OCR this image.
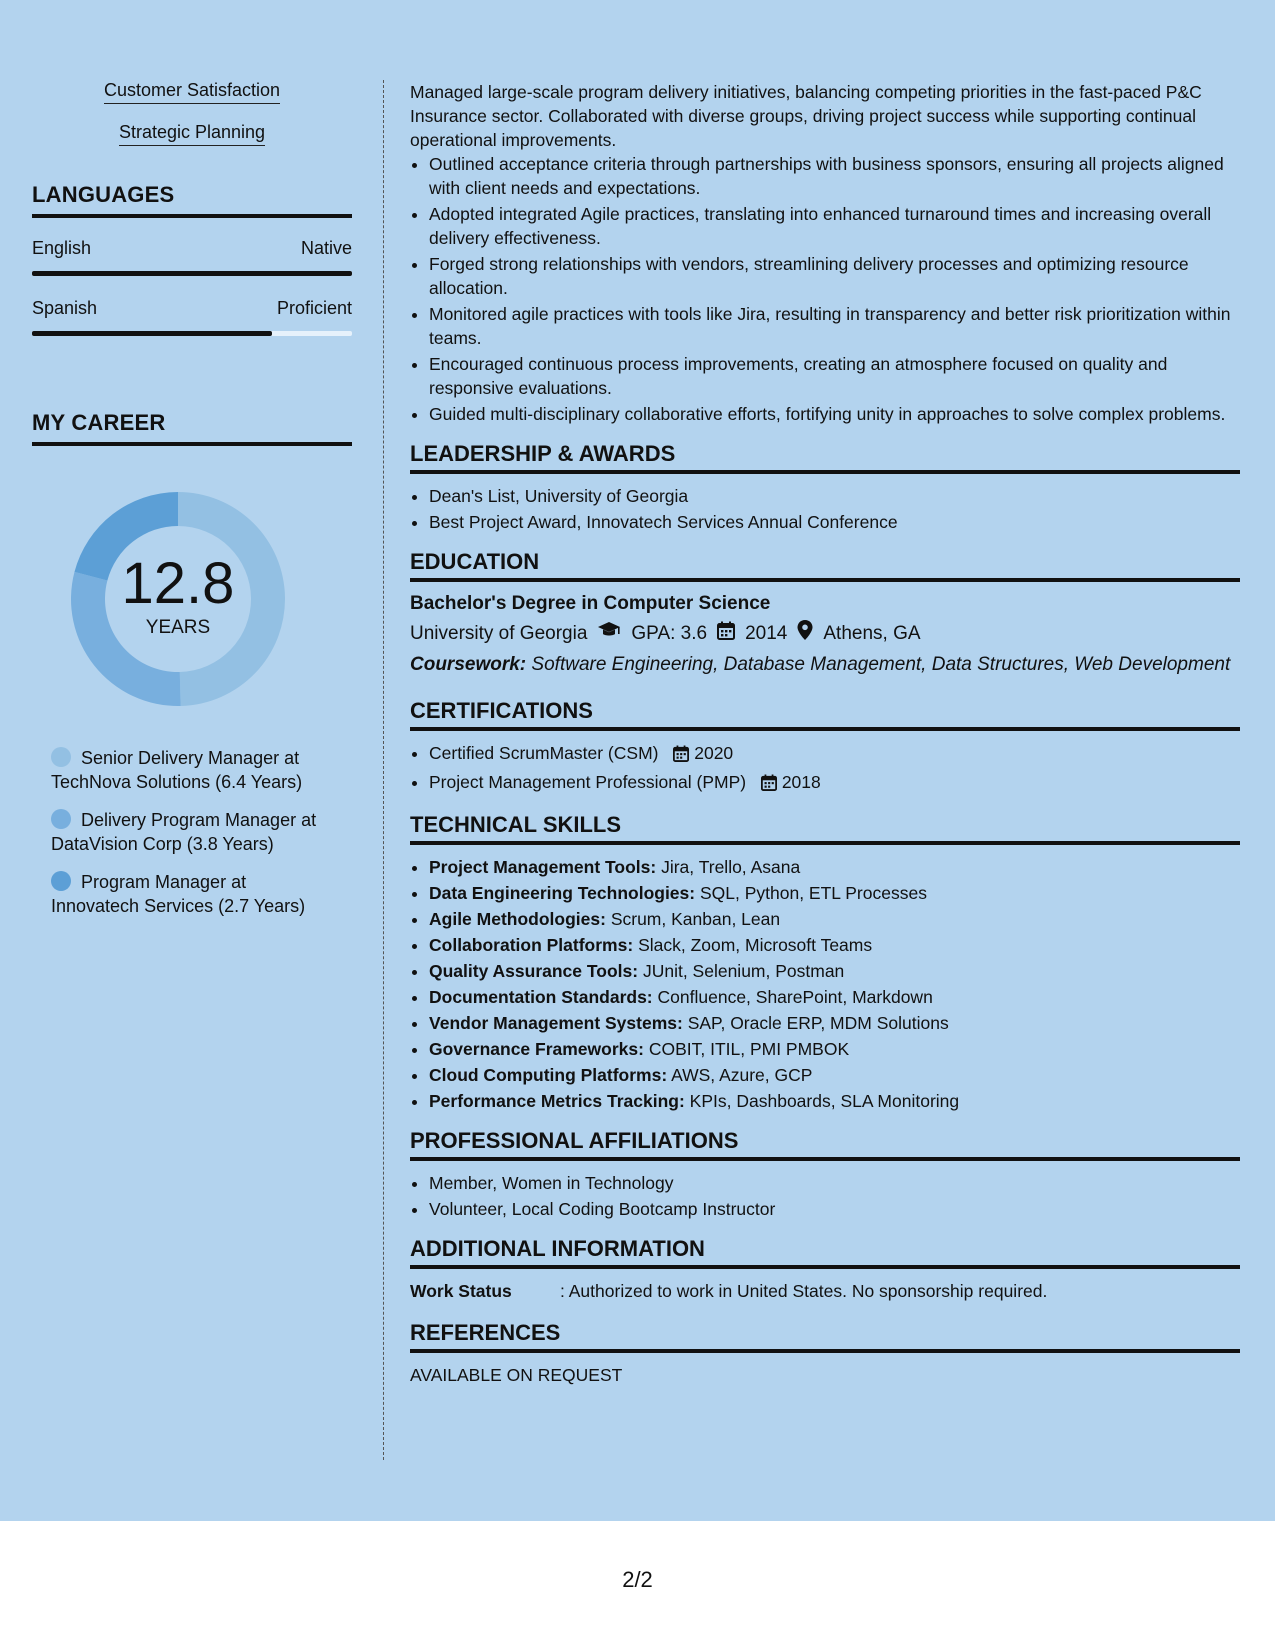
Customer Satisfaction
Strategic Planning
LANGUAGES
English	Native
Spanish	Proficient
MY CAREER
12.8
YEARS
Senior Delivery Manager at TechNova Solutions (6.4 Years)
Delivery Program Manager at DataVision Corp (3.8 Years)
Program Manager at Innovatech Services (2.7 Years)

Managed large-scale program delivery initiatives, balancing competing priorities in the fast-paced P&C Insurance sector. Collaborated with diverse groups, driving project success while supporting continual operational improvements.

• Outlined acceptance criteria through partnerships with business sponsors, ensuring all projects aligned with client needs and expectations.
• Adopted integrated Agile practices, translating into enhanced turnaround times and increasing overall delivery effectiveness.
• Forged strong relationships with vendors, streamlining delivery processes and optimizing resource allocation.
• Monitored agile practices with tools like Jira, resulting in transparency and better risk prioritization within teams.
• Encouraged continuous process improvements, creating an atmosphere focused on quality and responsive evaluations.
• Guided multi-disciplinary collaborative efforts, fortifying unity in approaches to solve complex problems.
LEADERSHIP & AWARDS
• Dean's List, University of Georgia
• Best Project Award, Innovatech Services Annual Conference
EDUCATION
Bachelor's Degree in Computer Science
University of Georgia GPA: 3.6 2014 Athens, GA
Coursework: Software Engineering, Database Management, Data Structures, Web Development
CERTIFICATIONS
• Certified ScrumMaster (CSM) 2020
• Project Management Professional (PMP) 2018
TECHNICAL SKILLS
• Project Management Tools: Jira, Trello, Asana
• Data Engineering Technologies: SQL, Python, ETL Processes
• Agile Methodologies: Scrum, Kanban, Lean
• Collaboration Platforms: Slack, Zoom, Microsoft Teams
• Quality Assurance Tools: JUnit, Selenium, Postman
• Documentation Standards: Confluence, SharePoint, Markdown
• Vendor Management Systems: SAP, Oracle ERP, MDM Solutions
• Governance Frameworks: COBIT, ITIL, PMI PMBOK
• Cloud Computing Platforms: AWS, Azure, GCP
• Performance Metrics Tracking: KPIs, Dashboards, SLA Monitoring
PROFESSIONAL AFFILIATIONS
• Member, Women in Technology
• Volunteer, Local Coding Bootcamp Instructor
ADDITIONAL INFORMATION
Work Status	: Authorized to work in United States. No sponsorship required.
REFERENCES
AVAILABLE ON REQUEST
2/2
